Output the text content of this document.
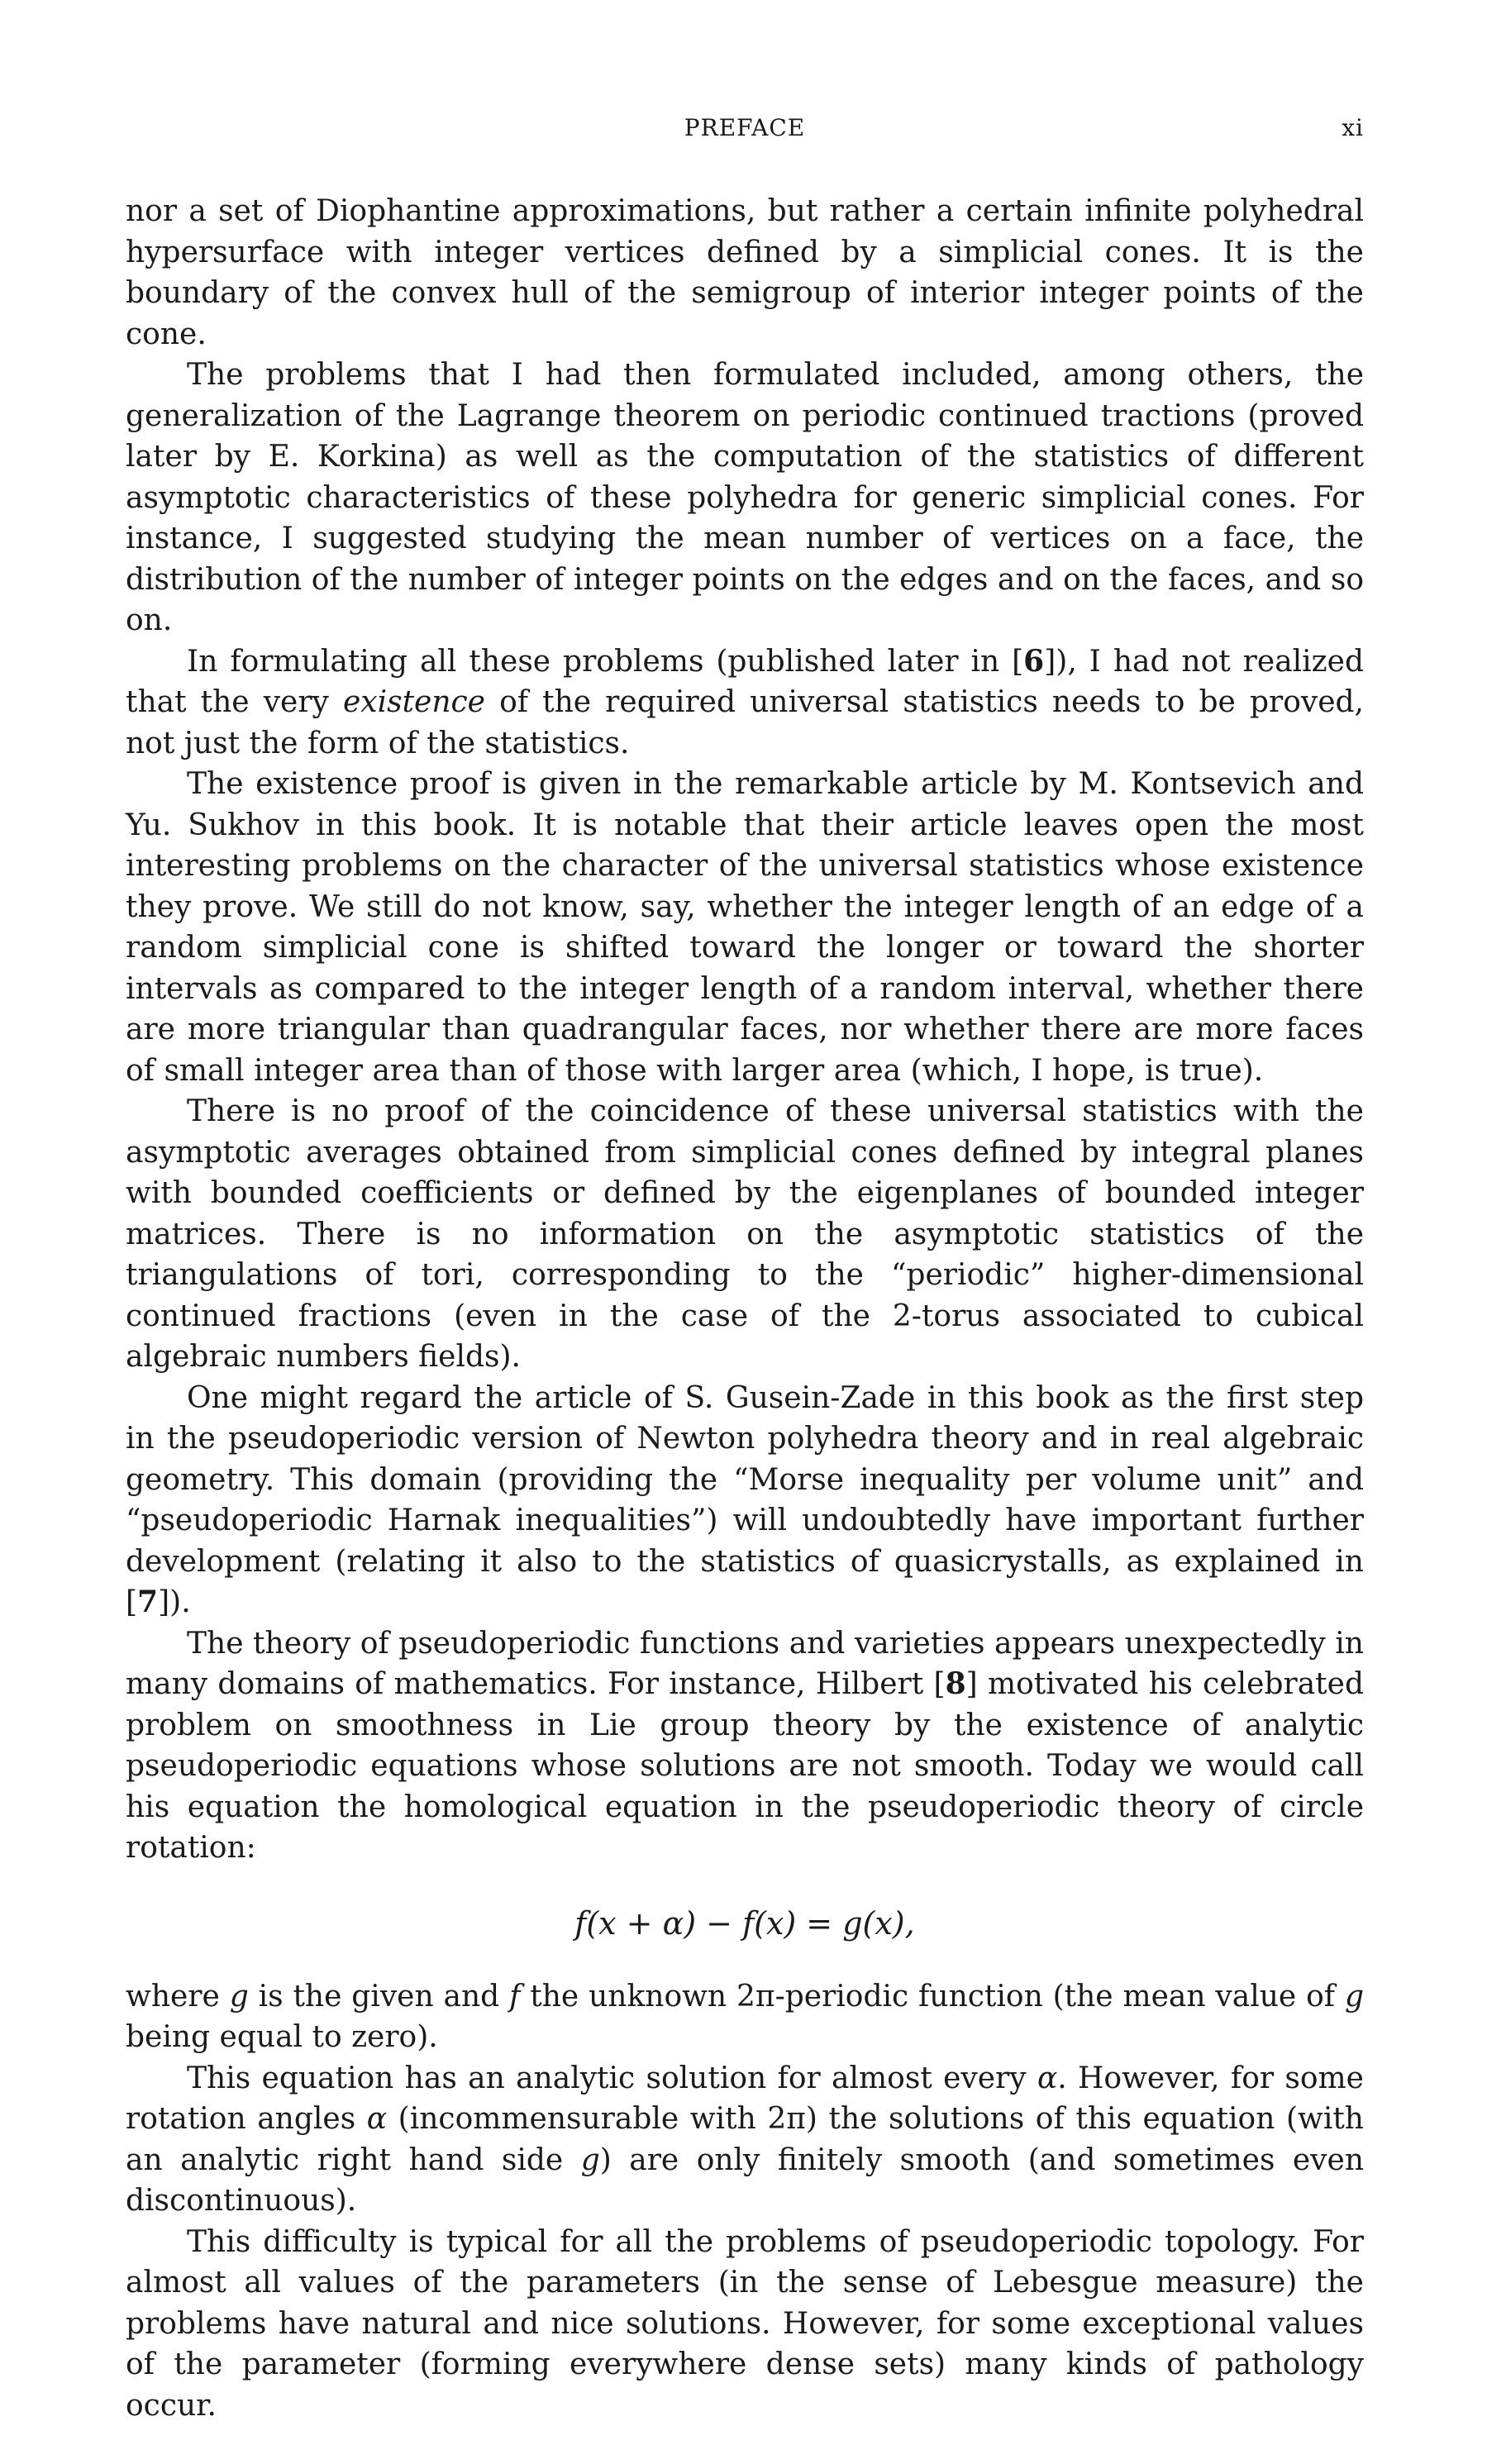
PREFACE	xi

nor a set of Diophantine approximations, but rather a certain infinite polyhedral hypersurface with integer vertices defined by a simplicial cones. It is the boundary of the convex hull of the semigroup of interior integer points of the cone.

The problems that I had then formulated included, among others, the generalization of the Lagrange theorem on periodic continued tractions (proved later by E. Korkina) as well as the computation of the statistics of different asymptotic characteristics of these polyhedra for generic simplicial cones. For instance, I suggested studying the mean number of vertices on a face, the distribution of the number of integer points on the edges and on the faces, and so on.

In formulating all these problems (published later in [6]), I had not realized that the very existence of the required universal statistics needs to be proved, not just the form of the statistics.

The existence proof is given in the remarkable article by M. Kontsevich and Yu. Sukhov in this book. It is notable that their article leaves open the most interesting problems on the character of the universal statistics whose existence they prove. We still do not know, say, whether the integer length of an edge of a random simplicial cone is shifted toward the longer or toward the shorter intervals as compared to the integer length of a random interval, whether there are more triangular than quadrangular faces, nor whether there are more faces of small integer area than of those with larger area (which, I hope, is true).

There is no proof of the coincidence of these universal statistics with the asymptotic averages obtained from simplicial cones defined by integral planes with bounded coefficients or defined by the eigenplanes of bounded integer matrices. There is no information on the asymptotic statistics of the triangulations of tori, corresponding to the “periodic” higher-dimensional continued fractions (even in the case of the 2-torus associated to cubical algebraic numbers fields).

One might regard the article of S. Gusein-Zade in this book as the first step in the pseudoperiodic version of Newton polyhedra theory and in real algebraic geometry. This domain (providing the “Morse inequality per volume unit” and “pseudoperiodic Harnak inequalities”) will undoubtedly have important further development (relating it also to the statistics of quasicrystalls, as explained in [7]).

The theory of pseudoperiodic functions and varieties appears unexpectedly in many domains of mathematics. For instance, Hilbert [8] motivated his celebrated problem on smoothness in Lie group theory by the existence of analytic pseudoperiodic equations whose solutions are not smooth. Today we would call his equation the homological equation in the pseudoperiodic theory of circle rotation:

f(x + α) − f(x) = g(x),

where g is the given and f the unknown 2π-periodic function (the mean value of g being equal to zero).

This equation has an analytic solution for almost every α. However, for some rotation angles α (incommensurable with 2π) the solutions of this equation (with an analytic right hand side g) are only finitely smooth (and sometimes even discontinuous).

This difficulty is typical for all the problems of pseudoperiodic topology. For almost all values of the parameters (in the sense of Lebesgue measure) the problems have natural and nice solutions. However, for some exceptional values of the parameter (forming everywhere dense sets) many kinds of pathology occur.
